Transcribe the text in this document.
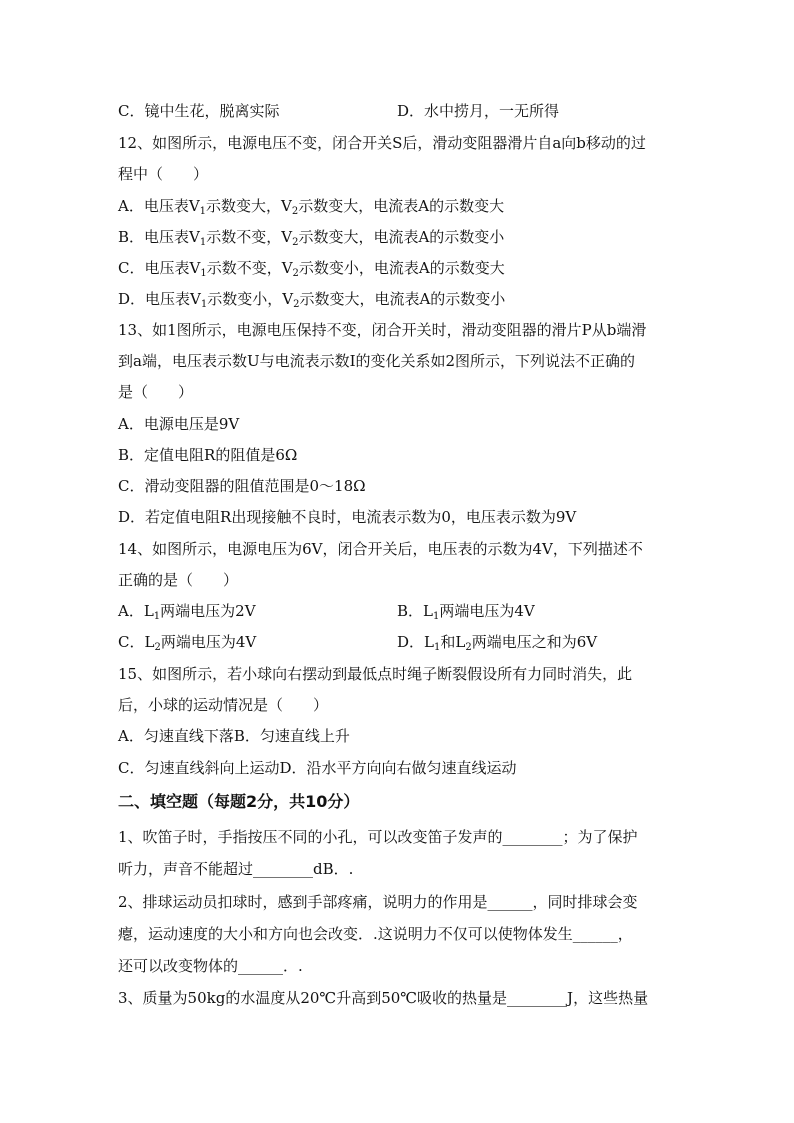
C．镜中生花，脱离实际	D．水中捞月，一无所得
12、如图所示，电源电压不变，闭合开关S后，滑动变阻器滑片自a向b移动的过
程中（　　）
A．电压表$V_1$示数变大，$V_2$示数变大，电流表A的示数变大
B．电压表$V_1$示数不变，$V_2$示数变大，电流表A的示数变小
C．电压表$V_1$示数不变，$V_2$示数变小，电流表A的示数变大
D．电压表$V_1$示数变小，$V_2$示数变大，电流表A的示数变小
13、如1图所示，电源电压保持不变，闭合开关时，滑动变阻器的滑片P从b端滑
到a端，电压表示数U与电流表示数I的变化关系如2图所示，下列说法不正确的
是（　　）
A．电源电压是9V
B．定值电阻R的阻值是6Ω
C．滑动变阻器的阻值范围是0～18Ω
D．若定值电阻R出现接触不良时，电流表示数为0，电压表示数为9V
14、如图所示，电源电压为6V，闭合开关后，电压表的示数为4V，下列描述不
正确的是（　　）
A．$L_1$两端电压为2V	B．$L_1$两端电压为4V
C．$L_2$两端电压为4V	D．$L_1$和$L_2$两端电压之和为6V
15、如图所示，若小球向右摆动到最低点时绳子断裂假设所有力同时消失，此
后，小球的运动情况是（　　）
A．匀速直线下落B．匀速直线上升
C．匀速直线斜向上运动D．沿水平方向向右做匀速直线运动
二、填空题（每题2分，共10分）
1、吹笛子时，手指按压不同的小孔，可以改变笛子发声的________；为了保护
听力，声音不能超过________dB．.
2、排球运动员扣球时，感到手部疼痛，说明力的作用是______，同时排球会变
瘪，运动速度的大小和方向也会改变．.这说明力不仅可以使物体发生______，
还可以改变物体的______．.
3、质量为50kg的水温度从20℃升高到50℃吸收的热量是________J，这些热量
